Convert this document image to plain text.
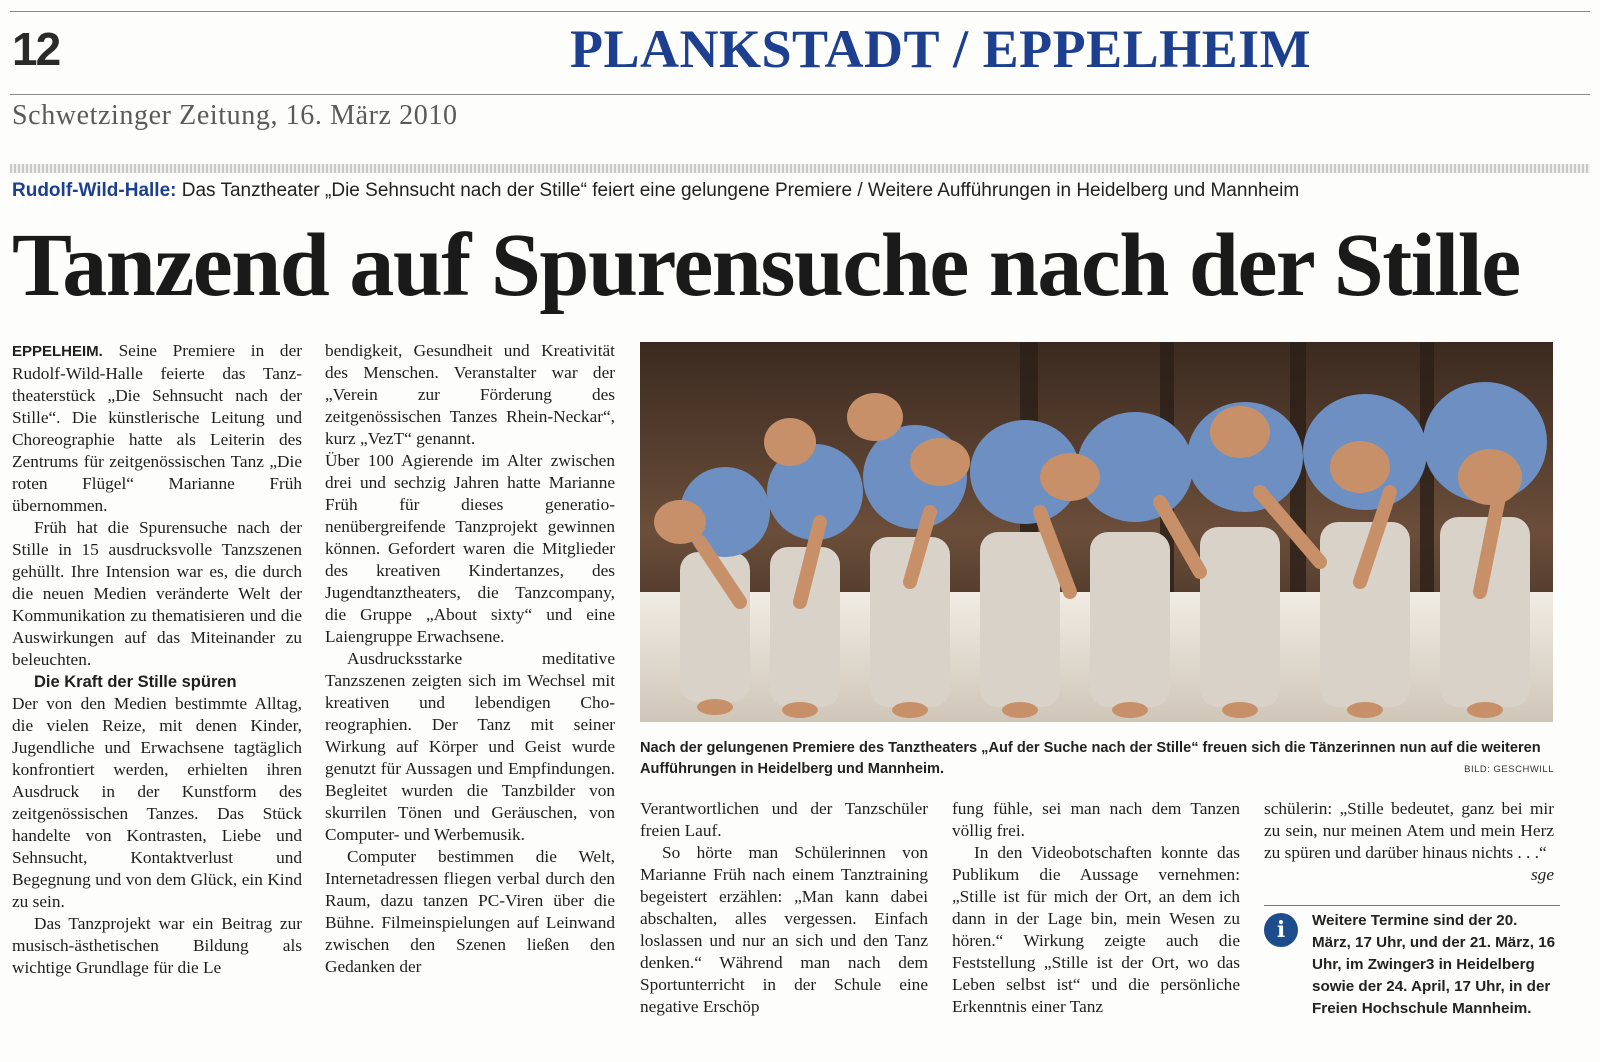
12	PLANKSTADT / EPPELHEIM
Schwetzinger Zeitung, 16. März 2010
Rudolf-Wild-Halle: Das Tanztheater „Die Sehnsucht nach der Stille“ feiert eine gelungene Premiere / Weitere Aufführungen in Heidelberg und Mannheim
Tanzend auf Spurensuche nach der Stille

EPPELHEIM. Seine Premiere in der Rudolf-Wild-Halle feierte das Tanztheaterstück „Die Sehnsucht nach der Stille“. Die künstlerische Leitung und Choreographie hatte als Leiterin des Zentrums für zeitgenössischen Tanz „Die roten Flügel“ Marianne Früh übernommen.

Früh hat die Spurensuche nach der Stille in 15 ausdrucksvolle Tanzszenen gehüllt. Ihre Intension war es, die durch die neuen Medien veränderte Welt der Kommunikation zu thematisieren und die Auswirkungen auf das Miteinander zu beleuchten.

Die Kraft der Stille spüren

Der von den Medien bestimmte Alltag, die vielen Reize, mit denen Kinder, Jugendliche und Erwachsene tagtäglich konfrontiert werden, erhielten ihren Ausdruck in der Kunstform des zeitgenössischen Tanzes. Das Stück handelte von Kontrasten, Liebe und Sehnsucht, Kontaktverlust und Begegnung und von dem Glück, ein Kind zu sein.

Das Tanzprojekt war ein Beitrag zur musisch-ästhetischen Bildung als wichtige Grundlage für die Le

bendigkeit, Gesundheit und Kreativität des Menschen. Veranstalter war der „Verein zur Förderung des zeitgenössischen Tanzes Rhein-Neckar“, kurz „VezT“ genannt.

Über 100 Agierende im Alter zwischen drei und sechzig Jahren hatte Marianne Früh für dieses generationenübergreifende Tanzprojekt gewinnen können. Gefordert waren die Mitglieder des kreativen Kindertanzes, des Jugendtanztheaters, die Tanzcompany, die Gruppe „About sixty“ und eine Laiengruppe Erwachsene.

Ausdrucksstarke meditative Tanzszenen zeigten sich im Wechsel mit kreativen und lebendigen Choreographien. Der Tanz mit seiner Wirkung auf Körper und Geist wurde genutzt für Aussagen und Empfindungen. Begleitet wurden die Tanzbilder von skurrilen Tönen und Geräuschen, von Computer- und Werbemusik.

Computer bestimmen die Welt, Internetadressen fliegen verbal durch den Raum, dazu tanzen PC-Viren über die Bühne. Filmeinspielungen auf Leinwand zwischen den Szenen ließen den Gedanken der

Nach der gelungenen Premiere des Tanztheaters „Auf der Suche nach der Stille“ freuen sich die Tänzerinnen nun auf die weiteren Aufführungen in Heidelberg und Mannheim.	BILD: GESCHWILL

Verantwortlichen und der Tanzschüler freien Lauf.

So hörte man Schülerinnen von Marianne Früh nach einem Tanztraining begeistert erzählen: „Man kann dabei abschalten, alles vergessen. Einfach loslassen und nur an sich und den Tanz denken.“ Während man nach dem Sportunterricht in der Schule eine negative Erschöp

fung fühle, sei man nach dem Tanzen völlig frei.

In den Videobotschaften konnte das Publikum die Aussage vernehmen: „Stille ist für mich der Ort, an dem ich dann in der Lage bin, mein Wesen zu hören.“ Wirkung zeigte auch die Feststellung „Stille ist der Ort, wo das Leben selbst ist“ und die persönliche Erkenntnis einer Tanz

schülerin: „Stille bedeutet, ganz bei mir zu sein, nur meinen Atem und mein Herz zu spüren und darüber hinaus nichts . . .“
sge

i	Weitere Termine sind der 20. März, 17 Uhr, und der 21. März, 16 Uhr, im Zwinger3 in Heidelberg sowie der 24. April, 17 Uhr, in der Freien Hochschule Mannheim.
